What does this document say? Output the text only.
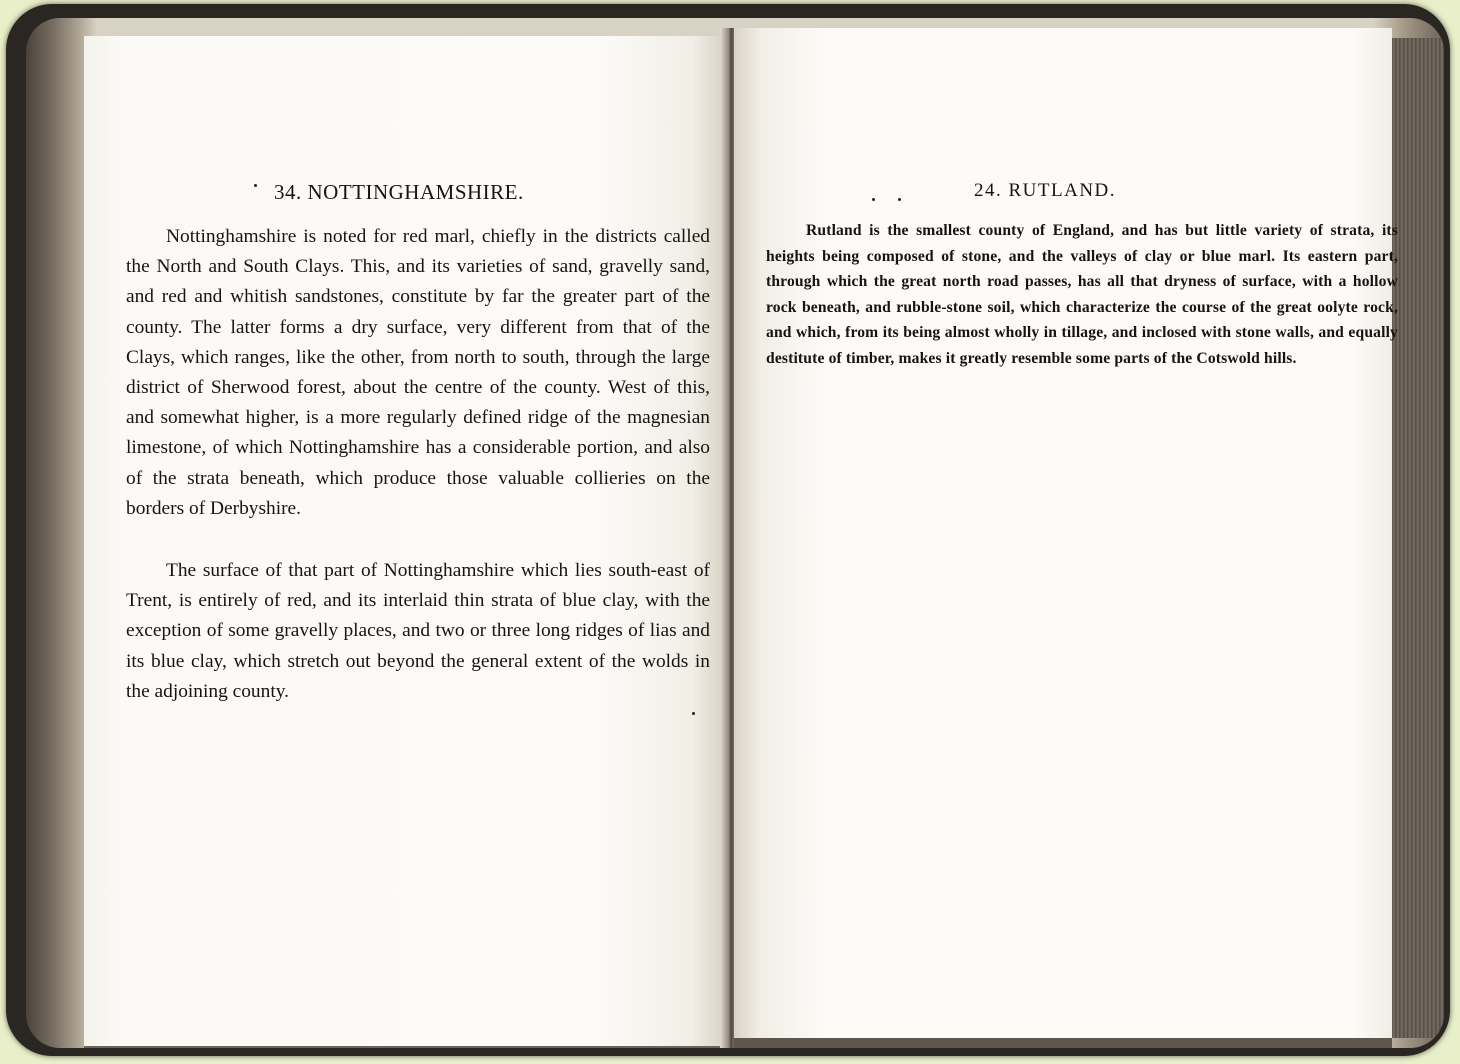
34. NOTTINGHAMSHIRE.

Nottinghamshire is noted for red marl, chiefly in the districts called the North and South Clays. This, and its varieties of sand, gravelly sand, and red and whitish sandstones, constitute by far the greater part of the county. The latter forms a dry surface, very different from that of the Clays, which ranges, like the other, from north to south, through the large district of Sherwood forest, about the centre of the county. West of this, and somewhat higher, is a more regularly defined ridge of the magnesian limestone, of which Nottinghamshire has a considerable portion, and also of the strata beneath, which produce those valuable collieries on the borders of Derbyshire.

The surface of that part of Nottinghamshire which lies south-east of Trent, is entirely of red, and its interlaid thin strata of blue clay, with the exception of some gravelly places, and two or three long ridges of lias and its blue clay, which stretch out beyond the general extent of the wolds in the adjoining county.

24. RUTLAND.

Rutland is the smallest county of England, and has but little variety of strata, its heights being composed of stone, and the valleys of clay or blue marl. Its eastern part, through which the great north road passes, has all that dryness of surface, with a hollow rock beneath, and rubble-stone soil, which characterize the course of the great oolyte rock, and which, from its being almost wholly in tillage, and inclosed with stone walls, and equally destitute of timber, makes it greatly resemble some parts of the Cotswold hills.
